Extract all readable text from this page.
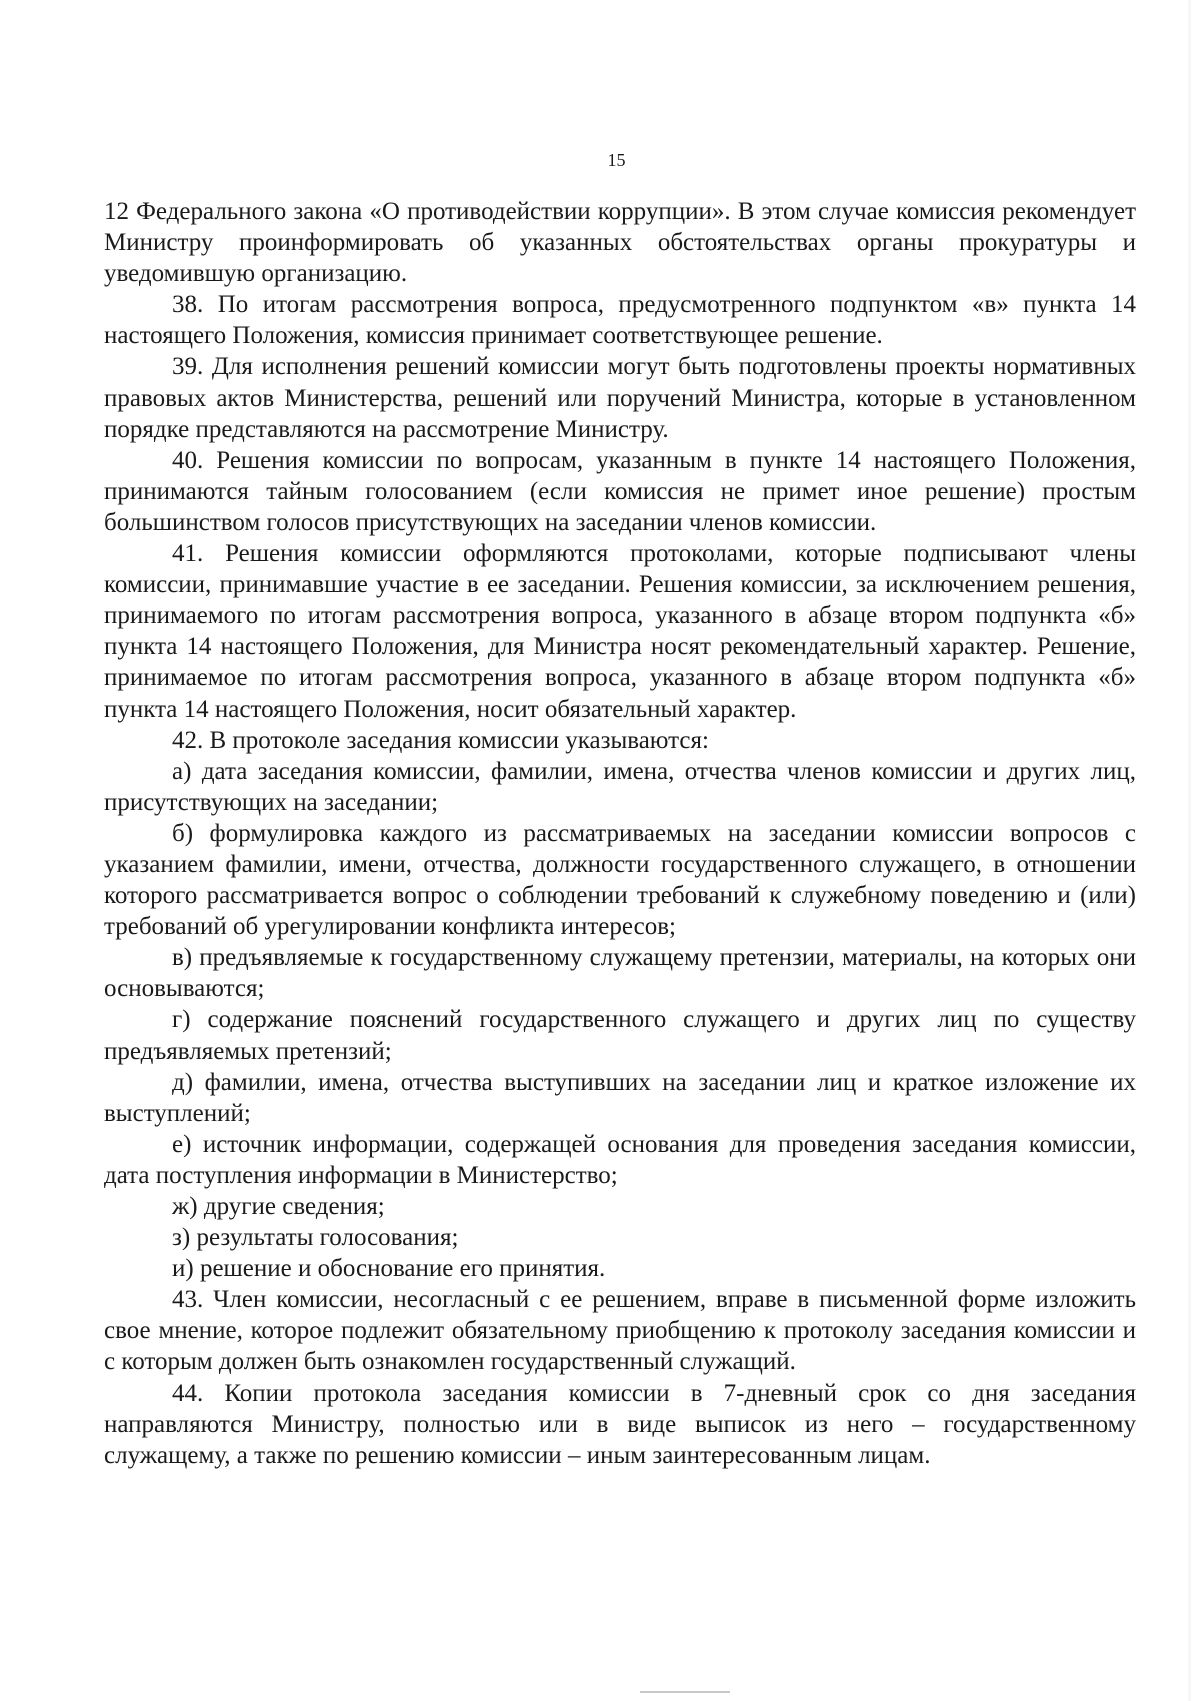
15

12 Федерального закона «О противодействии коррупции». В этом случае комиссия рекомендует Министру проинформировать об указанных обстоятельствах органы прокуратуры и уведомившую организацию.

38. По итогам рассмотрения вопроса, предусмотренного подпунктом «в» пункта 14 настоящего Положения, комиссия принимает соответствующее решение.

39. Для исполнения решений комиссии могут быть подготовлены проекты нормативных правовых актов Министерства, решений или поручений Министра, которые в установленном порядке представляются на рассмотрение Министру.

40. Решения комиссии по вопросам, указанным в пункте 14 настоящего Положения, принимаются тайным голосованием (если комиссия не примет иное решение) простым большинством голосов присутствующих на заседании членов комиссии.

41. Решения комиссии оформляются протоколами, которые подписывают члены комиссии, принимавшие участие в ее заседании. Решения комиссии, за исключением решения, принимаемого по итогам рассмотрения вопроса, указанного в абзаце втором подпункта «б» пункта 14 настоящего Положения, для Министра носят рекомендательный характер. Решение, принимаемое по итогам рассмотрения вопроса, указанного в абзаце втором подпункта «б» пункта 14 настоящего Положения, носит обязательный характер.

42. В протоколе заседания комиссии указываются:

а) дата заседания комиссии, фамилии, имена, отчества членов комиссии и других лиц, присутствующих на заседании;

б) формулировка каждого из рассматриваемых на заседании комиссии вопросов с указанием фамилии, имени, отчества, должности государственного служащего, в отношении которого рассматривается вопрос о соблюдении требований к служебному поведению и (или) требований об урегулировании конфликта интересов;

в) предъявляемые к государственному служащему претензии, материалы, на которых они основываются;

г) содержание пояснений государственного служащего и других лиц по существу предъявляемых претензий;

д) фамилии, имена, отчества выступивших на заседании лиц и краткое изложение их выступлений;

е) источник информации, содержащей основания для проведения заседания комиссии, дата поступления информации в Министерство;

ж) другие сведения;

з) результаты голосования;

и) решение и обоснование его принятия.

43. Член комиссии, несогласный с ее решением, вправе в письменной форме изложить свое мнение, которое подлежит обязательному приобщению к протоколу заседания комиссии и с которым должен быть ознакомлен государственный служащий.

44. Копии протокола заседания комиссии в 7-дневный срок со дня заседания направляются Министру, полностью или в виде выписок из него – государственному служащему, а также по решению комиссии – иным заинтересованным лицам.
